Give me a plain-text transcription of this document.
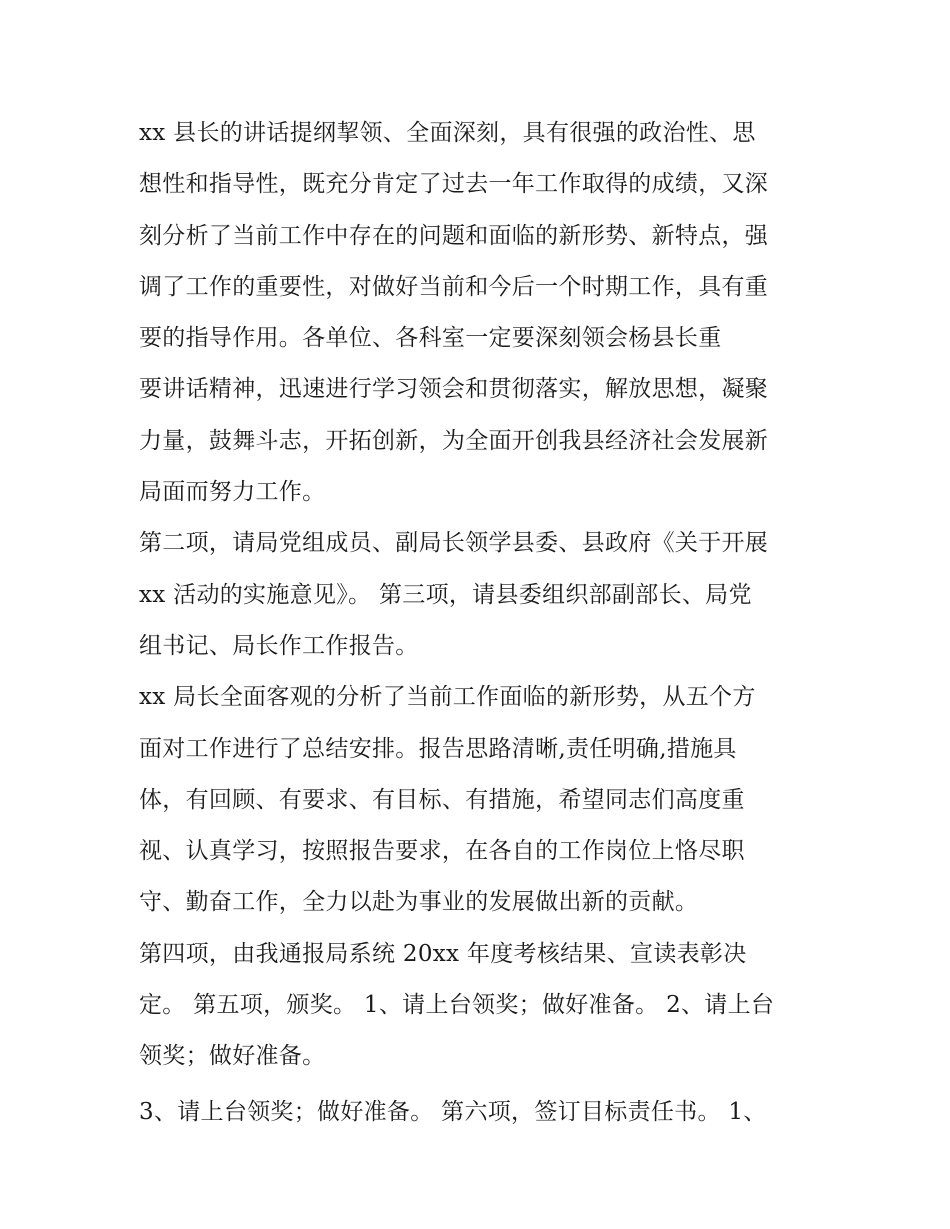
xx 县长的讲话提纲挈领、全面深刻，具有很强的政治性、思
想性和指导性，既充分肯定了过去一年工作取得的成绩，又深
刻分析了当前工作中存在的问题和面临的新形势、新特点，强
调了工作的重要性，对做好当前和今后一个时期工作，具有重
要的指导作用。各单位、各科室一定要深刻领会杨县长重
要讲话精神，迅速进行学习领会和贯彻落实，解放思想，凝聚
力量，鼓舞斗志，开拓创新，为全面开创我县经济社会发展新
局面而努力工作。
第二项，请局党组成员、副局长领学县委、县政府《关于开展
xx 活动的实施意见》。 第三项，请县委组织部副部长、局党
组书记、局长作工作报告。
xx 局长全面客观的分析了当前工作面临的新形势，从五个方
面对工作进行了总结安排。报告思路清晰,责任明确,措施具
体，有回顾、有要求、有目标、有措施，希望同志们高度重
视、认真学习，按照报告要求，在各自的工作岗位上恪尽职
守、勤奋工作，全力以赴为事业的发展做出新的贡献。
第四项，由我通报局系统 20xx 年度考核结果、宣读表彰决
定。 第五项，颁奖。 1、请上台领奖；做好准备。 2、请上台
领奖；做好准备。
3、请上台领奖；做好准备。 第六项，签订目标责任书。 1、
